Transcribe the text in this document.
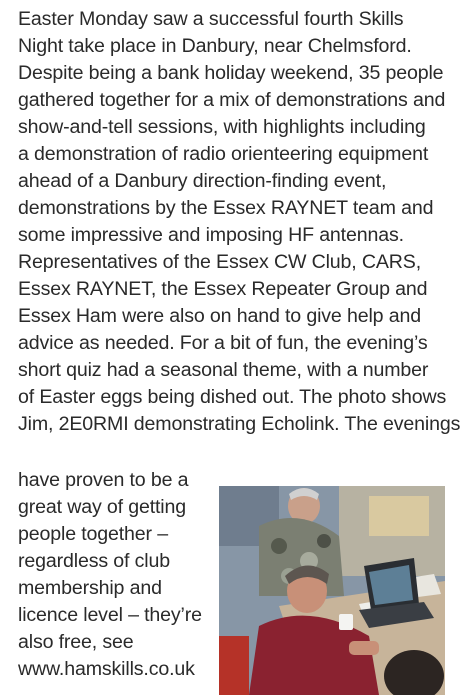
Easter Monday saw a successful fourth Skills
Night take place in Danbury, near Chelmsford.
Despite being a bank holiday weekend, 35 people
gathered together for a mix of demonstrations and
show-and-tell sessions, with highlights including
a demonstration of radio orienteering equipment
ahead of a Danbury direction-finding event,
demonstrations by the Essex RAYNET team and
some impressive and imposing HF antennas.
Representatives of the Essex CW Club, CARS,
Essex RAYNET, the Essex Repeater Group and
Essex Ham were also on hand to give help and
advice as needed. For a bit of fun, the evening’s
short quiz had a seasonal theme, with a number
of Easter eggs being dished out. The photo shows
Jim, 2E0RMI demonstrating Echolink. The evenings
have proven to be a
great way of getting
people together –
regardless of club
membership and
licence level – they’re
also free, see
www.hamskills.co.uk
